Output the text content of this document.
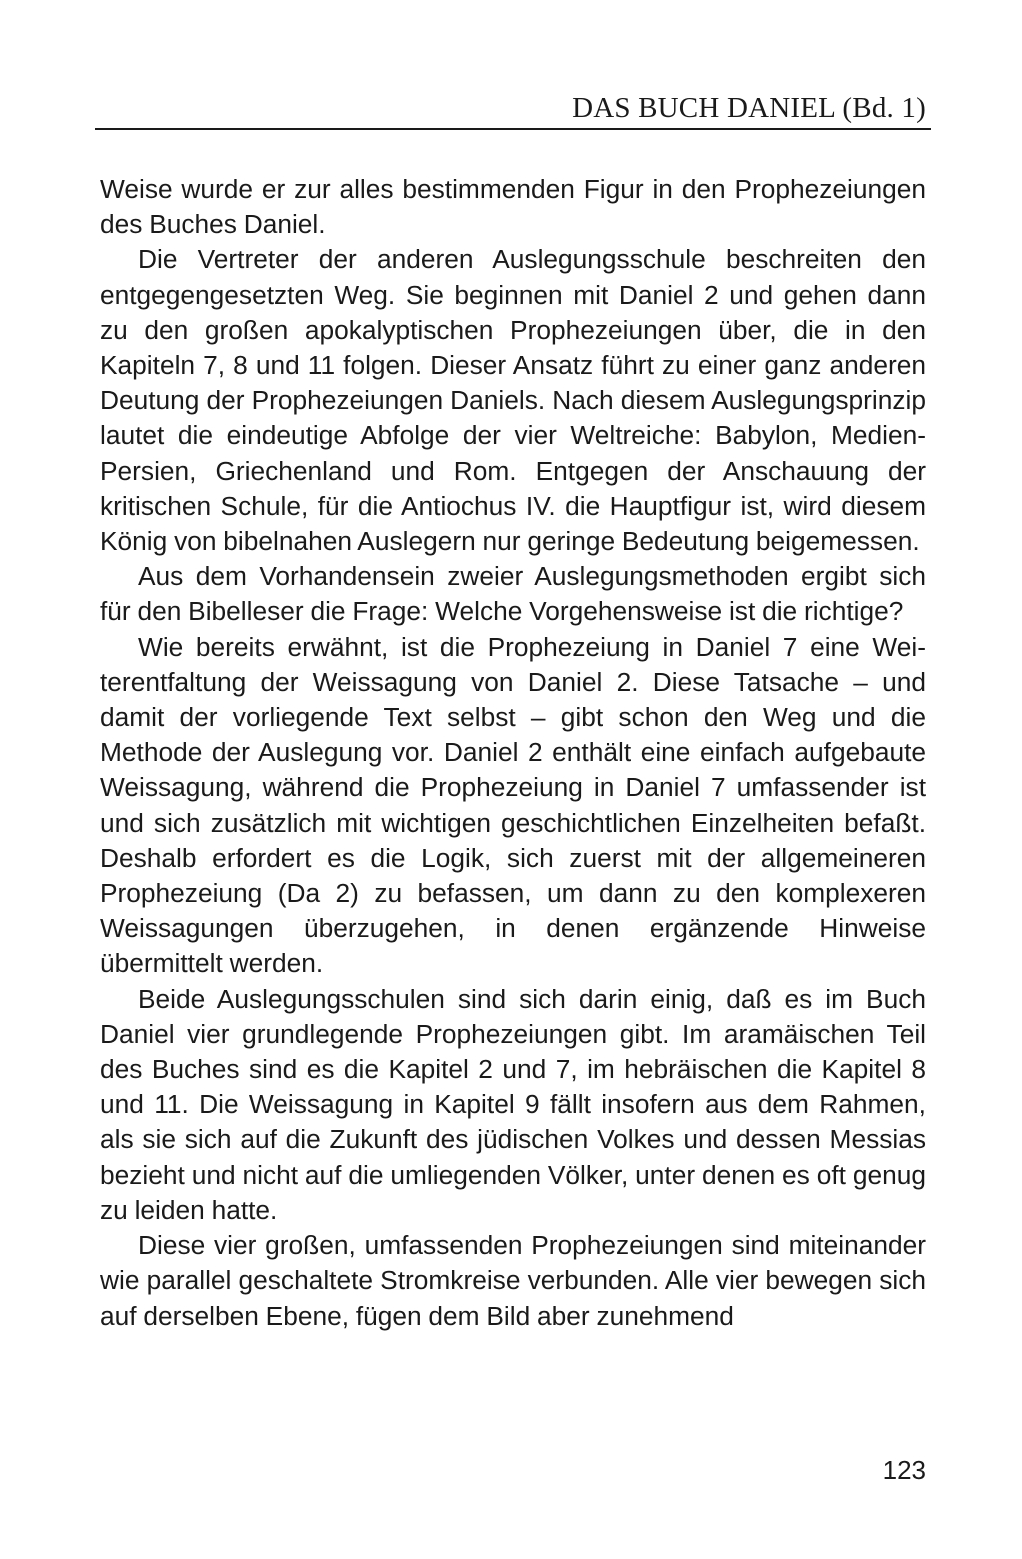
DAS BUCH DANIEL (Bd. 1)

Weise wurde er zur alles bestimmenden Figur in den Prophezeiungen des Buches Daniel.

Die Vertreter der anderen Auslegungsschule beschreiten den entgegengesetzten Weg. Sie beginnen mit Daniel 2 und gehen dann zu den großen apokalyptischen Prophezeiungen über, die in den Kapiteln 7, 8 und 11 folgen. Dieser Ansatz führt zu einer ganz anderen Deutung der Prophezeiungen Daniels. Nach diesem Auslegungsprinzip lautet die eindeutige Abfolge der vier Weltreiche: Babylon, Medien-Persien, Griechenland und Rom. Entgegen der Anschauung der kritischen Schule, für die Antiochus IV. die Hauptfigur ist, wird diesem König von bibelnahen Auslegern nur geringe Bedeutung beigemessen.

Aus dem Vorhandensein zweier Auslegungsmethoden ergibt sich für den Bibelleser die Frage: Welche Vorgehensweise ist die richtige?

Wie bereits erwähnt, ist die Prophezeiung in Daniel 7 eine Weiterentfaltung der Weissagung von Daniel 2. Diese Tatsache – und damit der vorliegende Text selbst – gibt schon den Weg und die Methode der Auslegung vor. Daniel 2 enthält eine einfach aufgebaute Weissagung, während die Prophezeiung in Daniel 7 umfassender ist und sich zusätzlich mit wichtigen geschichtlichen Einzelheiten befaßt. Deshalb erfordert es die Logik, sich zuerst mit der allgemeineren Prophezeiung (Da 2) zu befassen, um dann zu den komplexeren Weissagungen überzugehen, in denen ergänzende Hinweise übermittelt werden.

Beide Auslegungsschulen sind sich darin einig, daß es im Buch Daniel vier grundlegende Prophezeiungen gibt. Im aramäischen Teil des Buches sind es die Kapitel 2 und 7, im hebräischen die Kapitel 8 und 11. Die Weissagung in Kapitel 9 fällt insofern aus dem Rahmen, als sie sich auf die Zukunft des jüdischen Volkes und dessen Messias bezieht und nicht auf die umliegenden Völker, unter denen es oft genug zu leiden hatte.

Diese vier großen, umfassenden Prophezeiungen sind miteinander wie parallel geschaltete Stromkreise verbunden. Alle vier bewegen sich auf derselben Ebene, fügen dem Bild aber zunehmend

123
